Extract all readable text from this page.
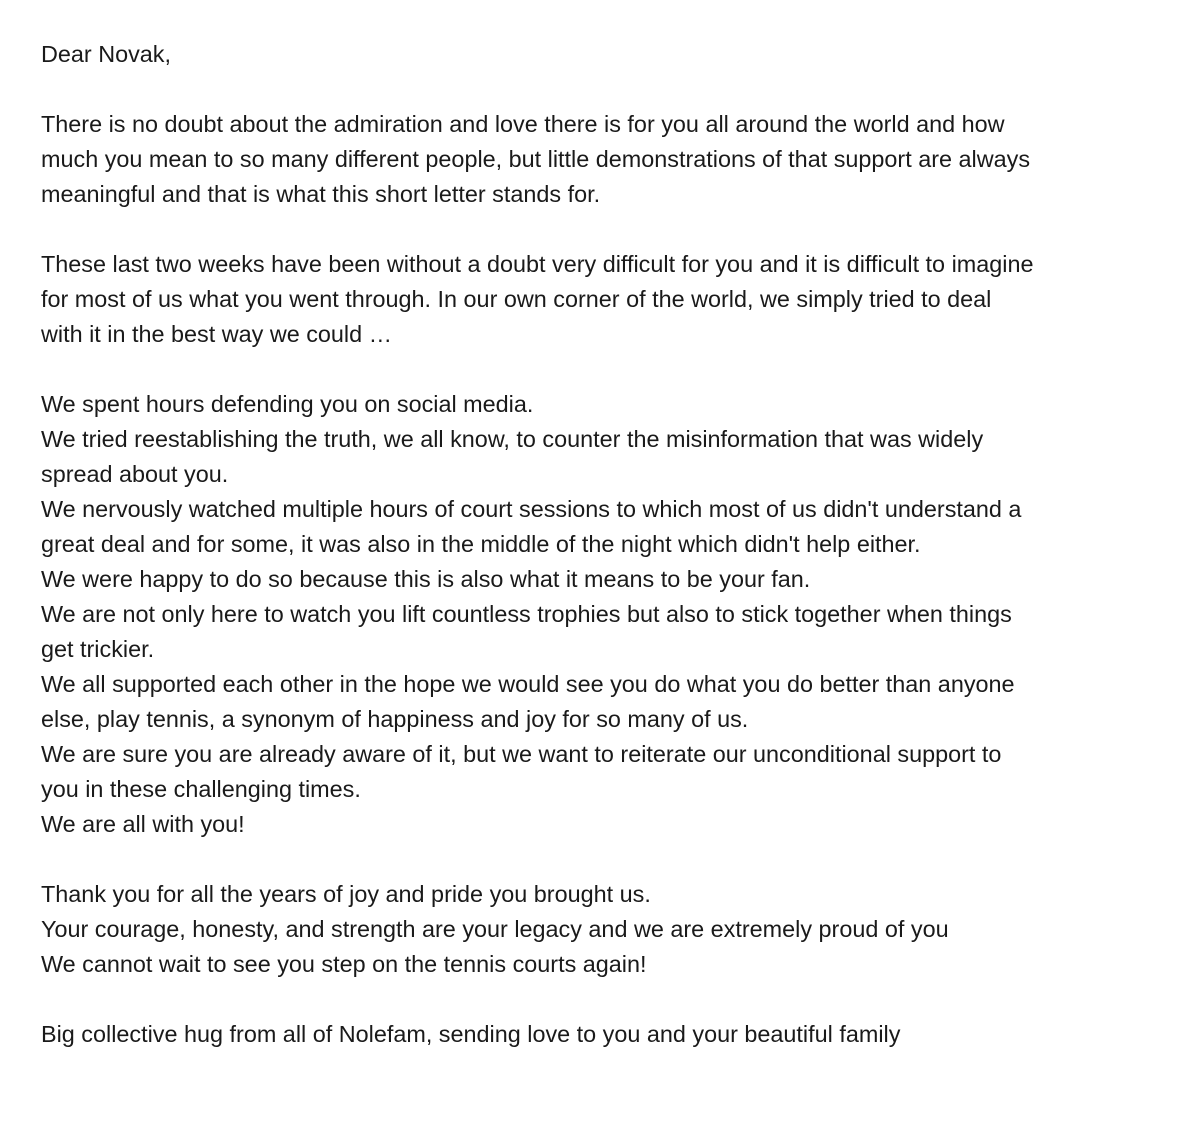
Dear Novak,
There is no doubt about the admiration and love there is for you all around the world and how
much you mean to so many different people, but little demonstrations of that support are always
meaningful and that is what this short letter stands for.
These last two weeks have been without a doubt very difficult for you and it is difficult to imagine
for most of us what you went through. In our own corner of the world, we simply tried to deal
with it in the best way we could …
We spent hours defending you on social media.
We tried reestablishing the truth, we all know, to counter the misinformation that was widely
spread about you.
We nervously watched multiple hours of court sessions to which most of us didn't understand a
great deal and for some, it was also in the middle of the night which didn't help either.
We were happy to do so because this is also what it means to be your fan.
We are not only here to watch you lift countless trophies but also to stick together when things
get trickier.
We all supported each other in the hope we would see you do what you do better than anyone
else, play tennis, a synonym of happiness and joy for so many of us.
We are sure you are already aware of it, but we want to reiterate our unconditional support to
you in these challenging times.
We are all with you!
Thank you for all the years of joy and pride you brought us.
Your courage, honesty, and strength are your legacy and we are extremely proud of you
We cannot wait to see you step on the tennis courts again!
Big collective hug from all of Nolefam, sending love to you and your beautiful family
